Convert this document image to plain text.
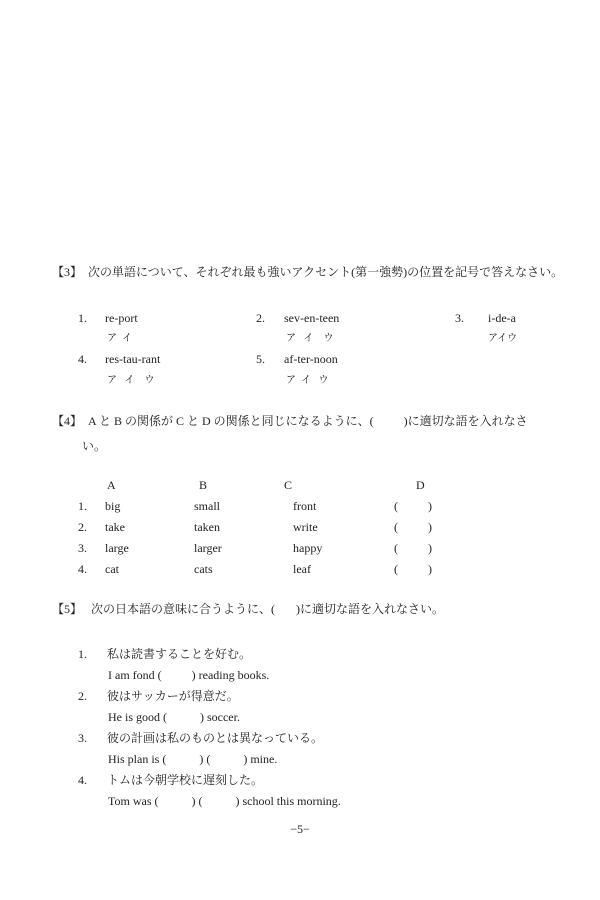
【3】  次の単語について、それぞれ最も強いアクセント(第一強勢)の位置を記号で答えなさい。
1. re-port
ア  イ
2. sev-en-teen
ア   イ    ウ
3. i-de-a
アイウ
4. res-tau-rant
ア   イ    ウ
5. af-ter-noon
ア  イ   ウ
【4】  A と B の関係が C と D の関係と同じになるように、(          )に適切な語を入れなさ
い。
A	B	C	D
1. big	small	front	(          )
2. take	taken	write	(          )
3. large	larger	happy	(          )
4. cat	cats	leaf	(          )
【5】   次の日本語の意味に合うように、(       )に適切な語を入れなさい。
1. 私は読書することを好む。
I am fond (          ) reading books.
2. 彼はサッカーが得意だ。
He is good (           ) soccer.
3. 彼の計画は私のものとは異なっている。
His plan is (           ) (           ) mine.
4. トムは今朝学校に遅刻した。
Tom was (           ) (           ) school this morning.
−5−
